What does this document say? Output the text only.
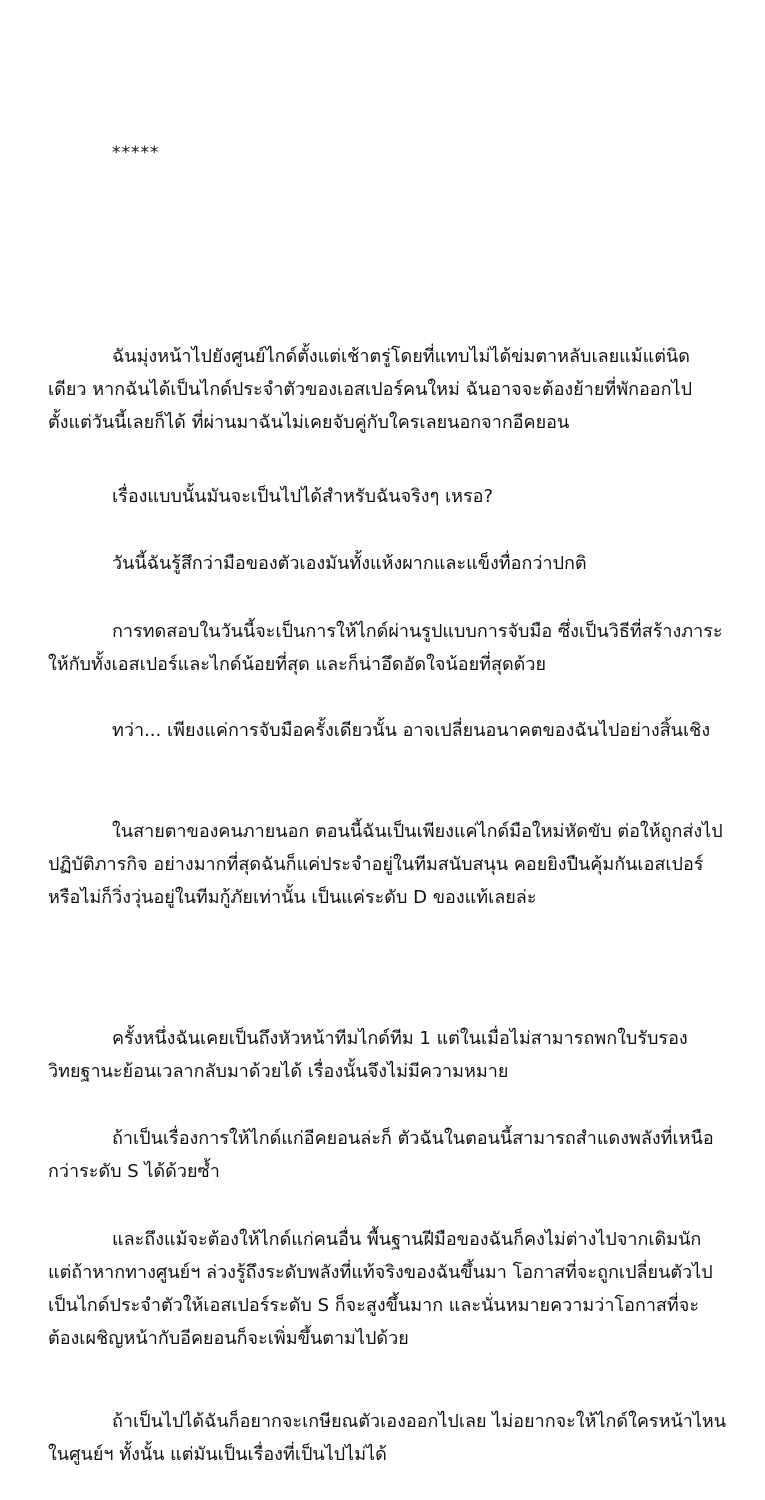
*****

ฉันมุ่งหน้าไปยังศูนย์ไกด์ตั้งแต่เช้าตรู่โดยที่แทบไม่ได้ข่มตาหลับเลยแม้แต่นิดเดียว หากฉันได้เป็นไกด์ประจำตัวของเอสเปอร์คนใหม่ ฉันอาจจะต้องย้ายที่พักออกไปตั้งแต่วันนี้เลยก็ได้ ที่ผ่านมาฉันไม่เคยจับคู่กับใครเลยนอกจากอีคยอน

เรื่องแบบนั้นมันจะเป็นไปได้สำหรับฉันจริงๆ เหรอ?

วันนี้ฉันรู้สึกว่ามือของตัวเองมันทั้งแห้งผากและแข็งทื่อกว่าปกติ

การทดสอบในวันนี้จะเป็นการให้ไกด์ผ่านรูปแบบการจับมือ ซึ่งเป็นวิธีที่สร้างภาระให้กับทั้งเอสเปอร์และไกด์น้อยที่สุด และก็น่าอึดอัดใจน้อยที่สุดด้วย

ทว่า... เพียงแค่การจับมือครั้งเดียวนั้น อาจเปลี่ยนอนาคตของฉันไปอย่างสิ้นเชิง

ในสายตาของคนภายนอก ตอนนี้ฉันเป็นเพียงแค่ไกด์มือใหม่หัดขับ ต่อให้ถูกส่งไปปฏิบัติภารกิจ อย่างมากที่สุดฉันก็แค่ประจำอยู่ในทีมสนับสนุน คอยยิงปืนคุ้มกันเอสเปอร์ หรือไม่ก็วิ่งวุ่นอยู่ในทีมกู้ภัยเท่านั้น เป็นแค่ระดับ D ของแท้เลยล่ะ

ครั้งหนึ่งฉันเคยเป็นถึงหัวหน้าทีมไกด์ทีม 1 แต่ในเมื่อไม่สามารถพกใบรับรองวิทยฐานะย้อนเวลากลับมาด้วยได้ เรื่องนั้นจึงไม่มีความหมาย

ถ้าเป็นเรื่องการให้ไกด์แก่อีคยอนล่ะก็ ตัวฉันในตอนนี้สามารถสำแดงพลังที่เหนือกว่าระดับ S ได้ด้วยซ้ำ

และถึงแม้จะต้องให้ไกด์แก่คนอื่น พื้นฐานฝีมือของฉันก็คงไม่ต่างไปจากเดิมนัก แต่ถ้าหากทางศูนย์ฯ ล่วงรู้ถึงระดับพลังที่แท้จริงของฉันขึ้นมา โอกาสที่จะถูกเปลี่ยนตัวไปเป็นไกด์ประจำตัวให้เอสเปอร์ระดับ S ก็จะสูงขึ้นมาก และนั่นหมายความว่าโอกาสที่จะต้องเผชิญหน้ากับอีคยอนก็จะเพิ่มขึ้นตามไปด้วย

ถ้าเป็นไปได้ฉันก็อยากจะเกษียณตัวเองออกไปเลย ไม่อยากจะให้ไกด์ใครหน้าไหนในศูนย์ฯ ทั้งนั้น แต่มันเป็นเรื่องที่เป็นไปไม่ได้
